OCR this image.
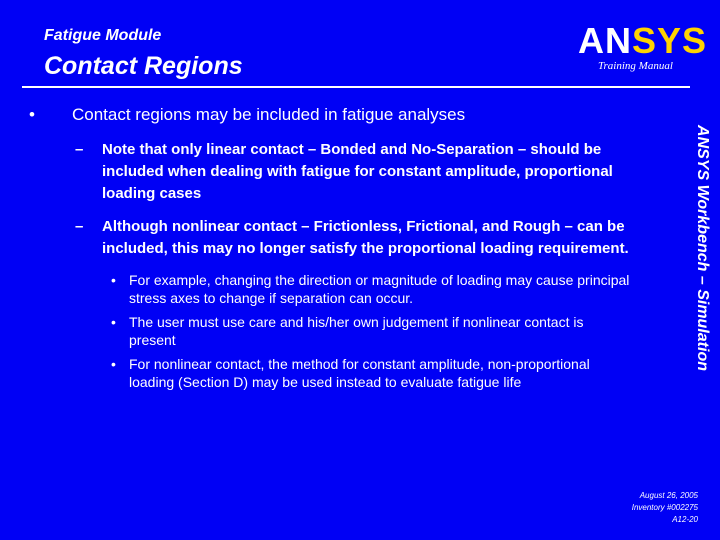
Fatigue Module
Contact Regions
ANSYS
Training Manual
ANSYS Workbench – Simulation
•	Contact regions may be included in fatigue analyses
–	Note that only linear contact – Bonded and No-Separation – should be included when dealing with fatigue for constant amplitude, proportional loading cases
–	Although nonlinear contact – Frictionless, Frictional, and Rough – can be included, this may no longer satisfy the proportional loading requirement.
• For example, changing the direction or magnitude of loading may cause principal stress axes to change if separation can occur.
• The user must use care and his/her own judgement if nonlinear contact is present
• For nonlinear contact, the method for constant amplitude, non-proportional loading (Section D) may be used instead to evaluate fatigue life
August 26, 2005
Inventory #002275
A12-20
